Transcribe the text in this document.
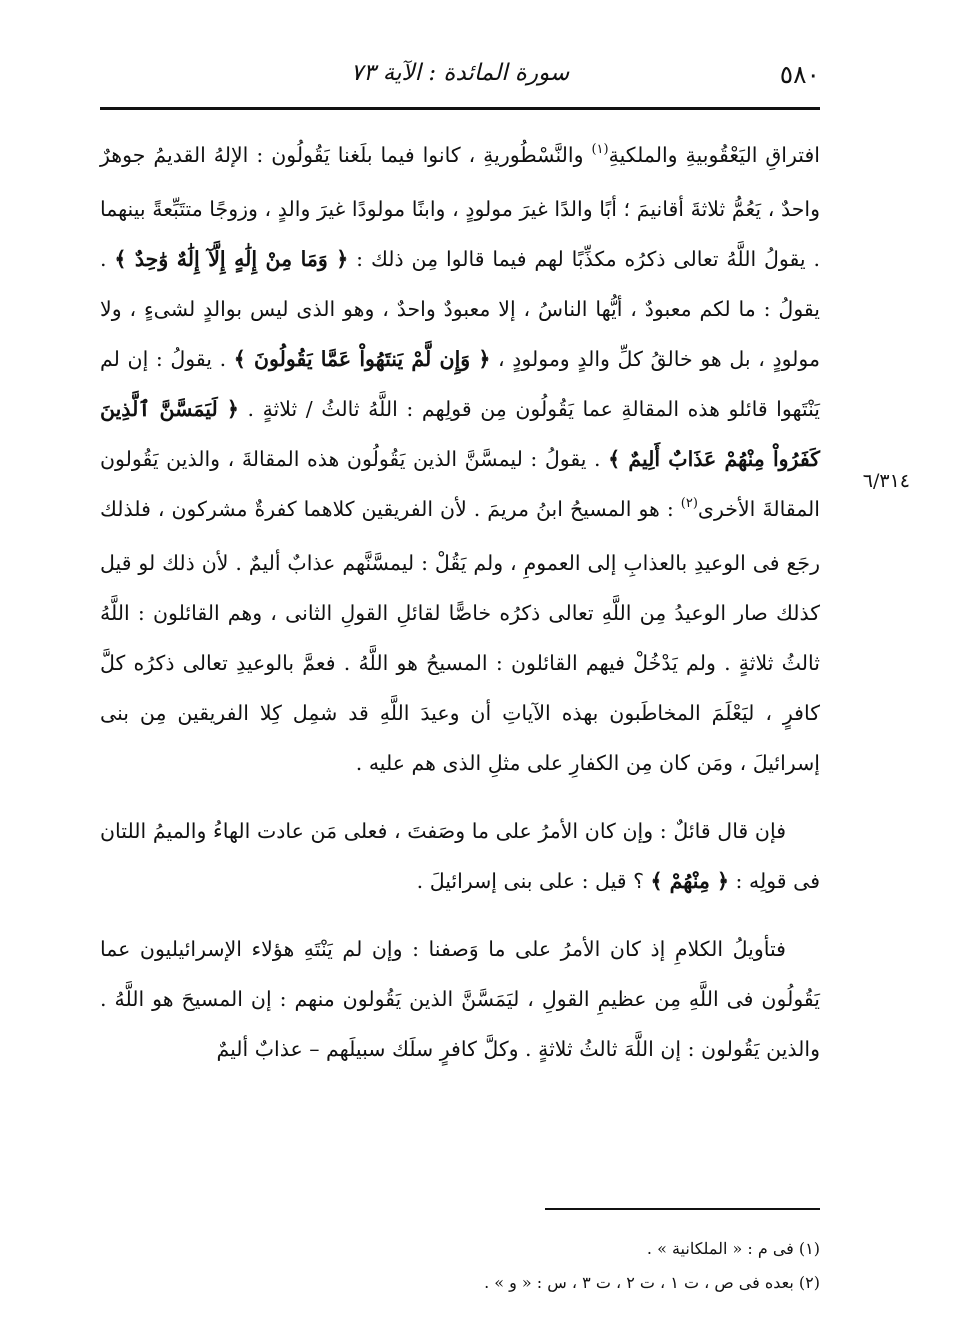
٥٨٠
سورة المائدة : الآية ٧٣
٦/٣١٤

افتراقِ اليَعْقُوبيةِ والملكيةِ$^{(١)}$ والنَّسْطُوريةِ ، كانوا فيما بلَغنا يَقُولُون : الإلهُ القديمُ جوهرٌ واحدٌ ، يَعُمُّ ثلاثةَ أقانيمَ ؛ أبًا والدًا غيرَ مولودٍ ، وابنًا مولودًا غيرَ والدٍ ، وزوجًا متتَبِّعةً بينهما . يقولُ اللَّهُ تعالى ذكرُه مكذِّبًا لهم فيما قالوا مِن ذلك : ﴿ وَمَا مِنْ إِلَٰهٍ إِلَّآ إِلَٰهٌ وَٰحِدٌ ﴾ . يقولُ : ما لكم معبودٌ ، أيُّها الناسُ ، إلا معبودٌ واحدٌ ، وهو الذى ليس بوالدٍ لشىءٍ ، ولا مولودٍ ، بل هو خالقُ كلِّ والدٍ ومولودٍ ، ﴿ وَإِن لَّمْ يَنتَهُواْ عَمَّا يَقُولُونَ ﴾ . يقولُ : إن لم يَنْتَهوا قائلو هذه المقالةِ عما يَقُولُون مِن قولِهم : اللَّهُ ثالثُ / ثلاثةٍ . ﴿ لَيَمَسَّنَّ ٱلَّذِينَ كَفَرُواْ مِنْهُمْ عَذَابٌ أَلِيمٌ ﴾ . يقولُ : ليمسَّنَّ الذين يَقُولُون هذه المقالةَ ، والذين يَقُولون المقالةَ الأخرى$^{(٢)}$ : هو المسيحُ ابنُ مريمَ . لأن الفريقين كلاهما كفرةٌ مشركون ، فلذلك رجَع فى الوعيدِ بالعذابِ إلى العمومِ ، ولم يَقُلْ : ليمسَّنَّهم عذابٌ أليمٌ . لأن ذلك لو قيل كذلك صار الوعيدُ مِن اللَّهِ تعالى ذكرُه خاصًّا لقائلِ القولِ الثانى ، وهم القائلون : اللَّهُ ثالثُ ثلاثةٍ . ولم يَدْخُلْ فيهم القائلون : المسيحُ هو اللَّهُ . فعمَّ بالوعيدِ تعالى ذكرُه كلَّ كافرٍ ، ليَعْلَمَ المخاطَبون بهذه الآياتِ أن وعيدَ اللَّهِ قد شمِل كِلا الفريقين مِن بنى إسرائيلَ ، ومَن كان مِن الكفارِ على مثلِ الذى هم عليه .

فإن قال قائلٌ : وإن كان الأمرُ على ما وصَفتَ ، فعلى مَن عادت الهاءُ والميمُ اللتان فى قولِه : ﴿ مِنْهُمْ ﴾ ؟ قيل : على بنى إسرائيلَ .

فتأويلُ الكلامِ إذ كان الأمرُ على ما وَصفنا : وإن لم يَنْتَهِ هؤلاء الإسرائيليون عما يَقُولُون فى اللَّهِ مِن عظيمِ القولِ ، ليَمَسَّنَّ الذين يَقُولون منهم : إن المسيحَ هو اللَّهُ . والذين يَقُولون : إن اللَّهَ ثالثُ ثلاثةٍ . وكلَّ كافرٍ سلَك سبيلَهم – عذابٌ أليمٌ

(١) فى م : « الملكانية » .

(٢) بعده فى ص ، ت ١ ، ت ٢ ، ت ٣ ، س : « و » .
